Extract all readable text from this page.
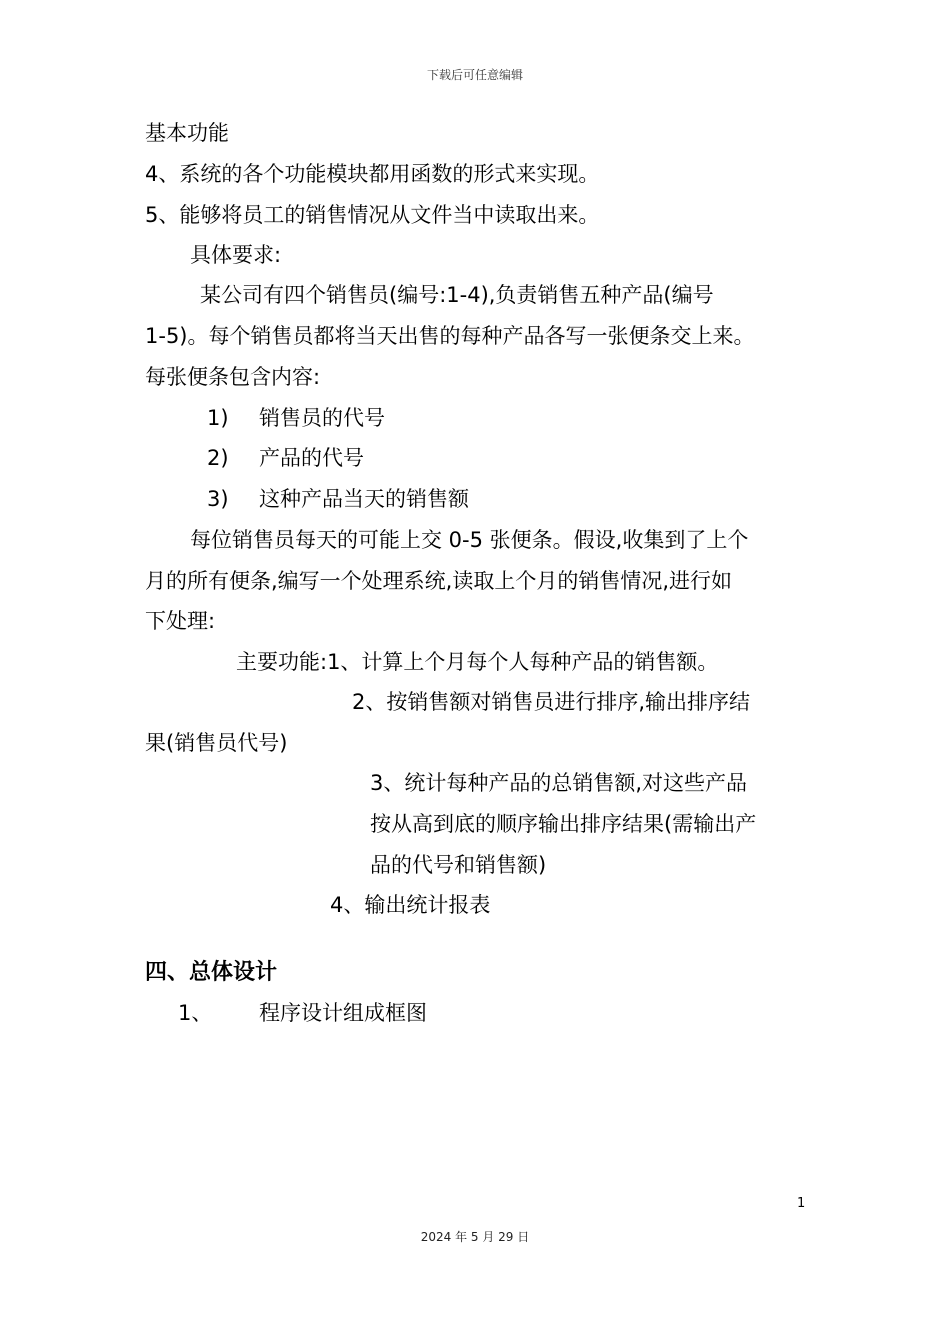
下载后可任意编辑
基本功能
4、系统的各个功能模块都用函数的形式来实现。
5、能够将员工的销售情况从文件当中读取出来。
具体要求:
某公司有四个销售员(编号:1-4),负责销售五种产品(编号
1-5)。每个销售员都将当天出售的每种产品各写一张便条交上来。
每张便条包含内容:
1) 销售员的代号
2) 产品的代号
3) 这种产品当天的销售额
每位销售员每天的可能上交 0-5 张便条。假设,收集到了上个
月的所有便条,编写一个处理系统,读取上个月的销售情况,进行如
下处理:
主要功能:1、计算上个月每个人每种产品的销售额。
2、按销售额对销售员进行排序,输出排序结
果(销售员代号)
3、统计每种产品的总销售额,对这些产品
按从高到底的顺序输出排序结果(需输出产
品的代号和销售额)
4、输出统计报表
四、总体设计
1、 程序设计组成框图
1
2024 年 5 月 29 日
